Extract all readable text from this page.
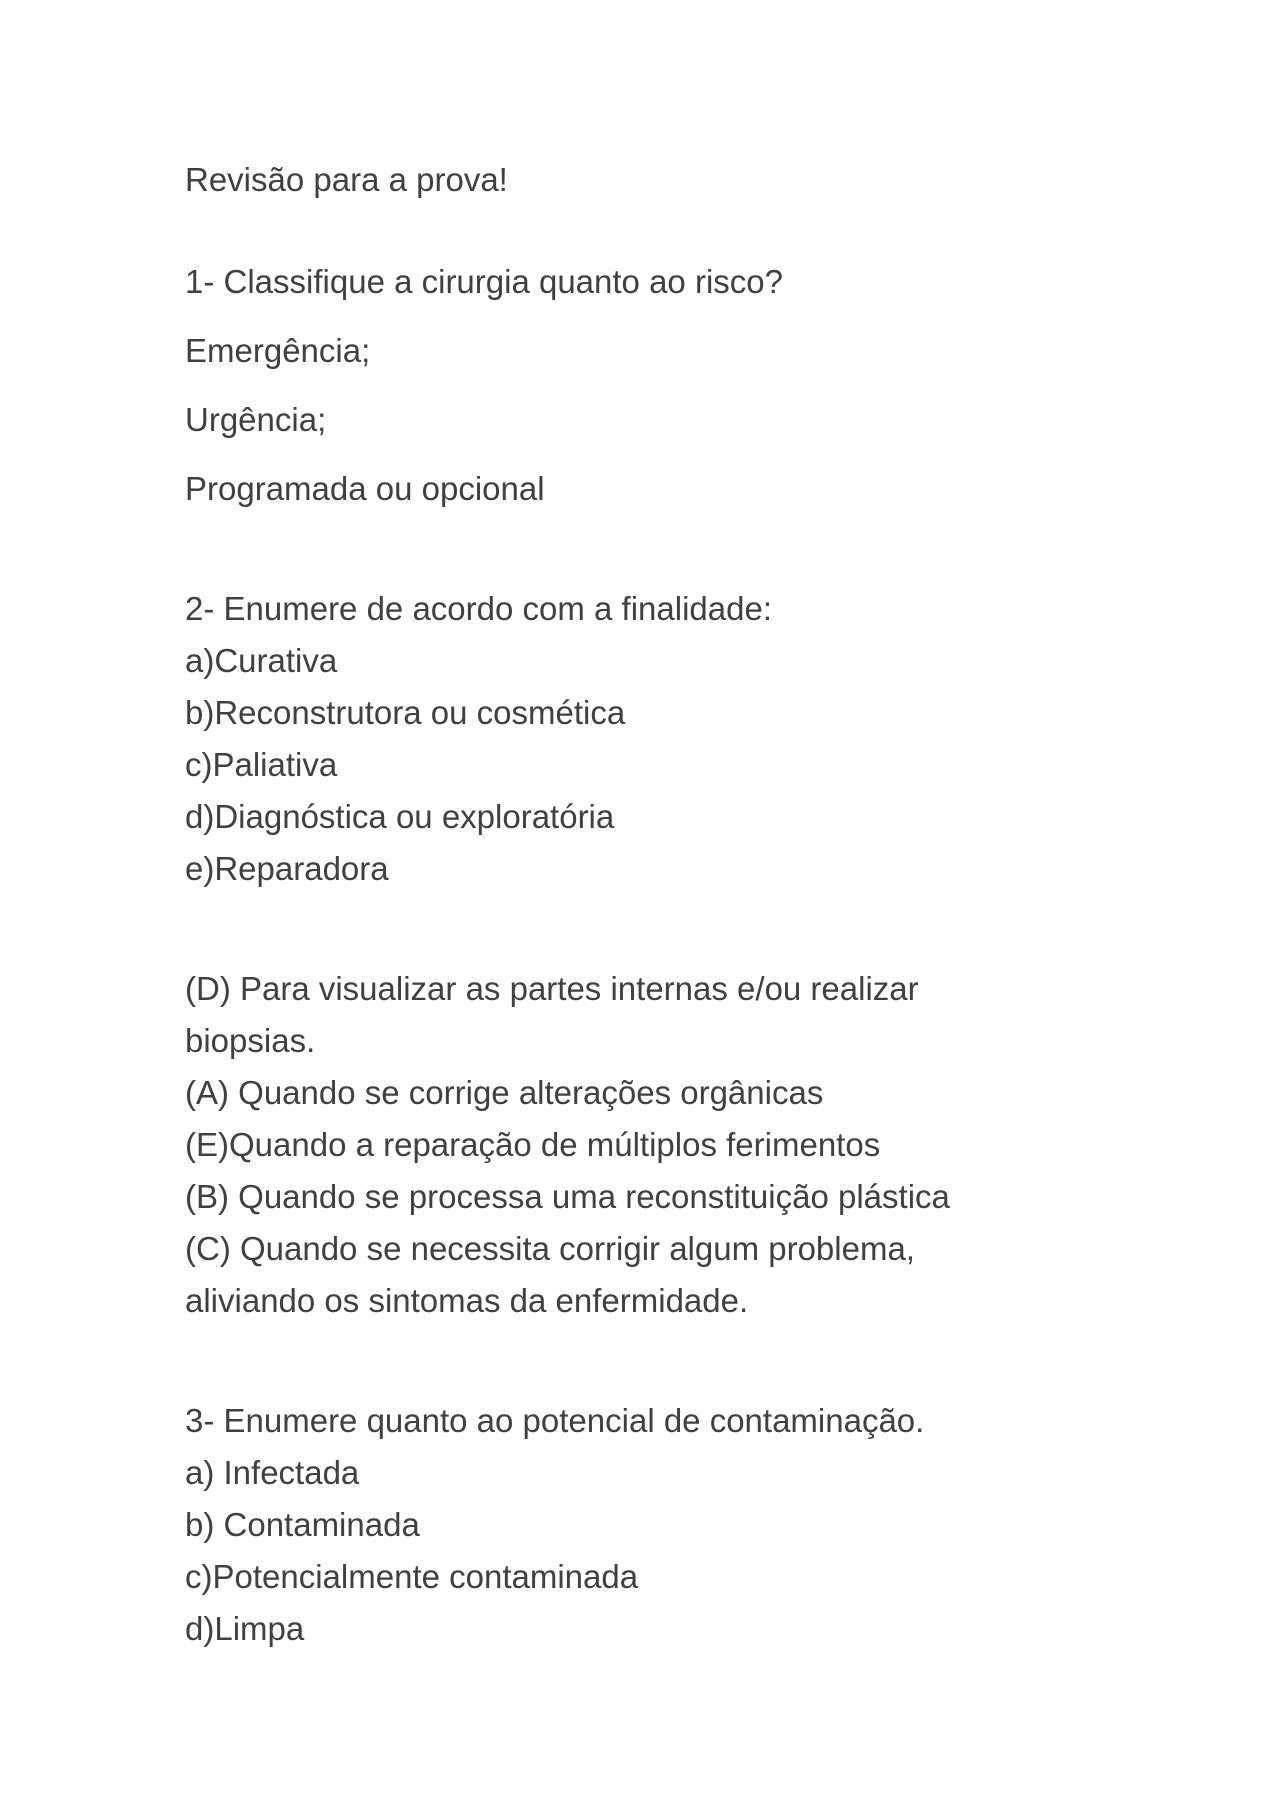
Revisão para a prova!
1- Classifique a cirurgia quanto ao risco?
Emergência;
Urgência;
Programada ou opcional
2- Enumere de acordo com a finalidade:
a)Curativa
b)Reconstrutora ou cosmética
c)Paliativa
d)Diagnóstica ou exploratória
e)Reparadora
(D) Para visualizar as partes internas e/ou realizar
biopsias.
(A) Quando se corrige alterações orgânicas
(E)Quando a reparação de múltiplos ferimentos
(B) Quando se processa uma reconstituição plástica
(C) Quando se necessita corrigir algum problema,
aliviando os sintomas da enfermidade.
3- Enumere quanto ao potencial de contaminação.
a) Infectada
b) Contaminada
c)Potencialmente contaminada
d)Limpa
